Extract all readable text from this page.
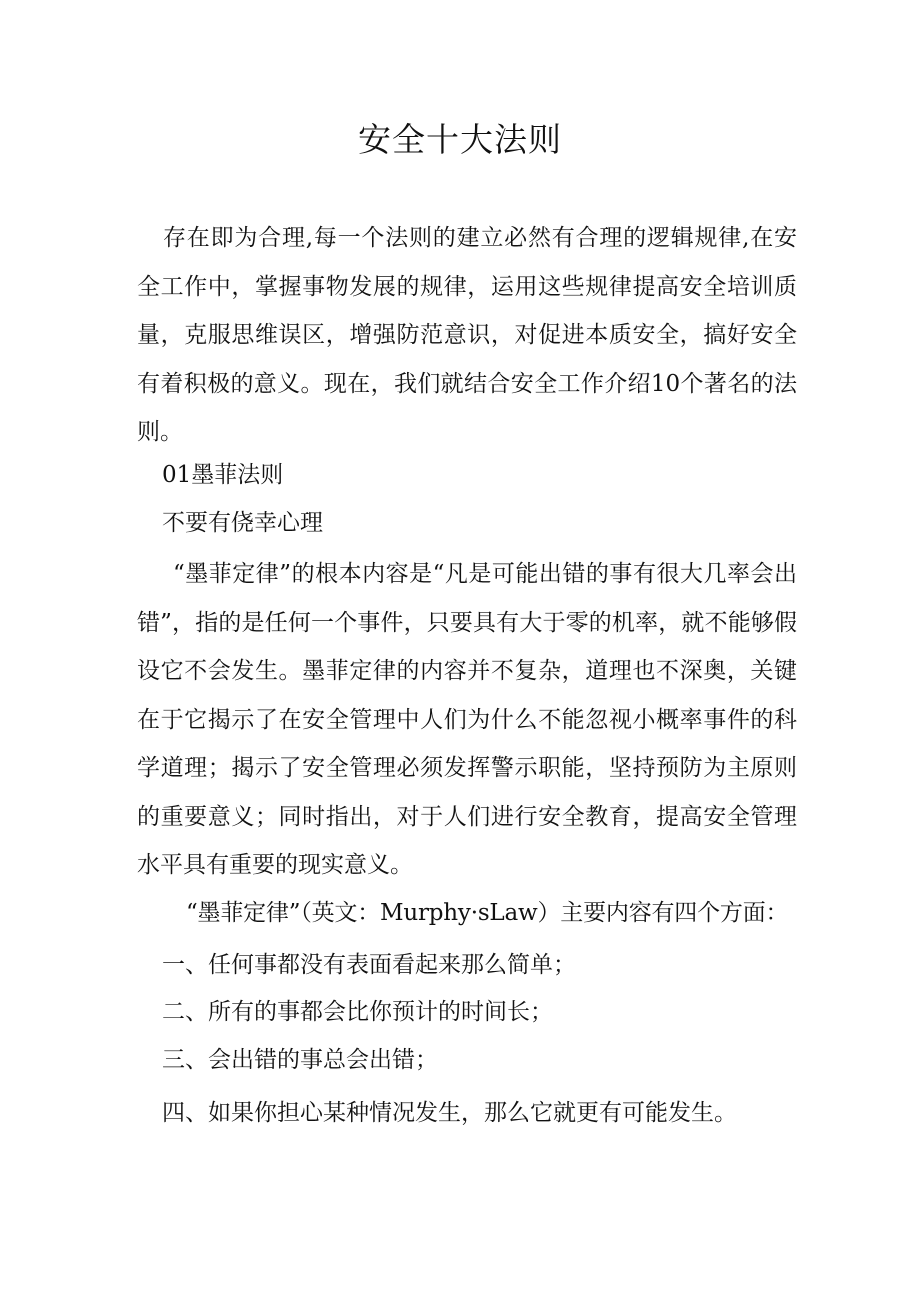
安全十大法则

存在即为合理,每一个法则的建立必然有合理的逻辑规律,在安全工作中，掌握事物发展的规律，运用这些规律提高安全培训质量，克服思维误区，增强防范意识，对促进本质安全，搞好安全有着积极的意义。现在，我们就结合安全工作介绍10个著名的法则。

01墨菲法则
不要有侥幸心理

“墨菲定律”的根本内容是“凡是可能出错的事有很大几率会出错”，指的是任何一个事件，只要具有大于零的机率，就不能够假设它不会发生。墨菲定律的内容并不复杂，道理也不深奥，关键在于它揭示了在安全管理中人们为什么不能忽视小概率事件的科学道理；揭示了安全管理必须发挥警示职能，坚持预防为主原则的重要意义；同时指出，对于人们进行安全教育，提高安全管理水平具有重要的现实意义。

“墨菲定律”（英文：Murphy·sLaw）主要内容有四个方面：
一、任何事都没有表面看起来那么简单；
二、所有的事都会比你预计的时间长；
三、会出错的事总会出错；
四、如果你担心某种情况发生，那么它就更有可能发生。
